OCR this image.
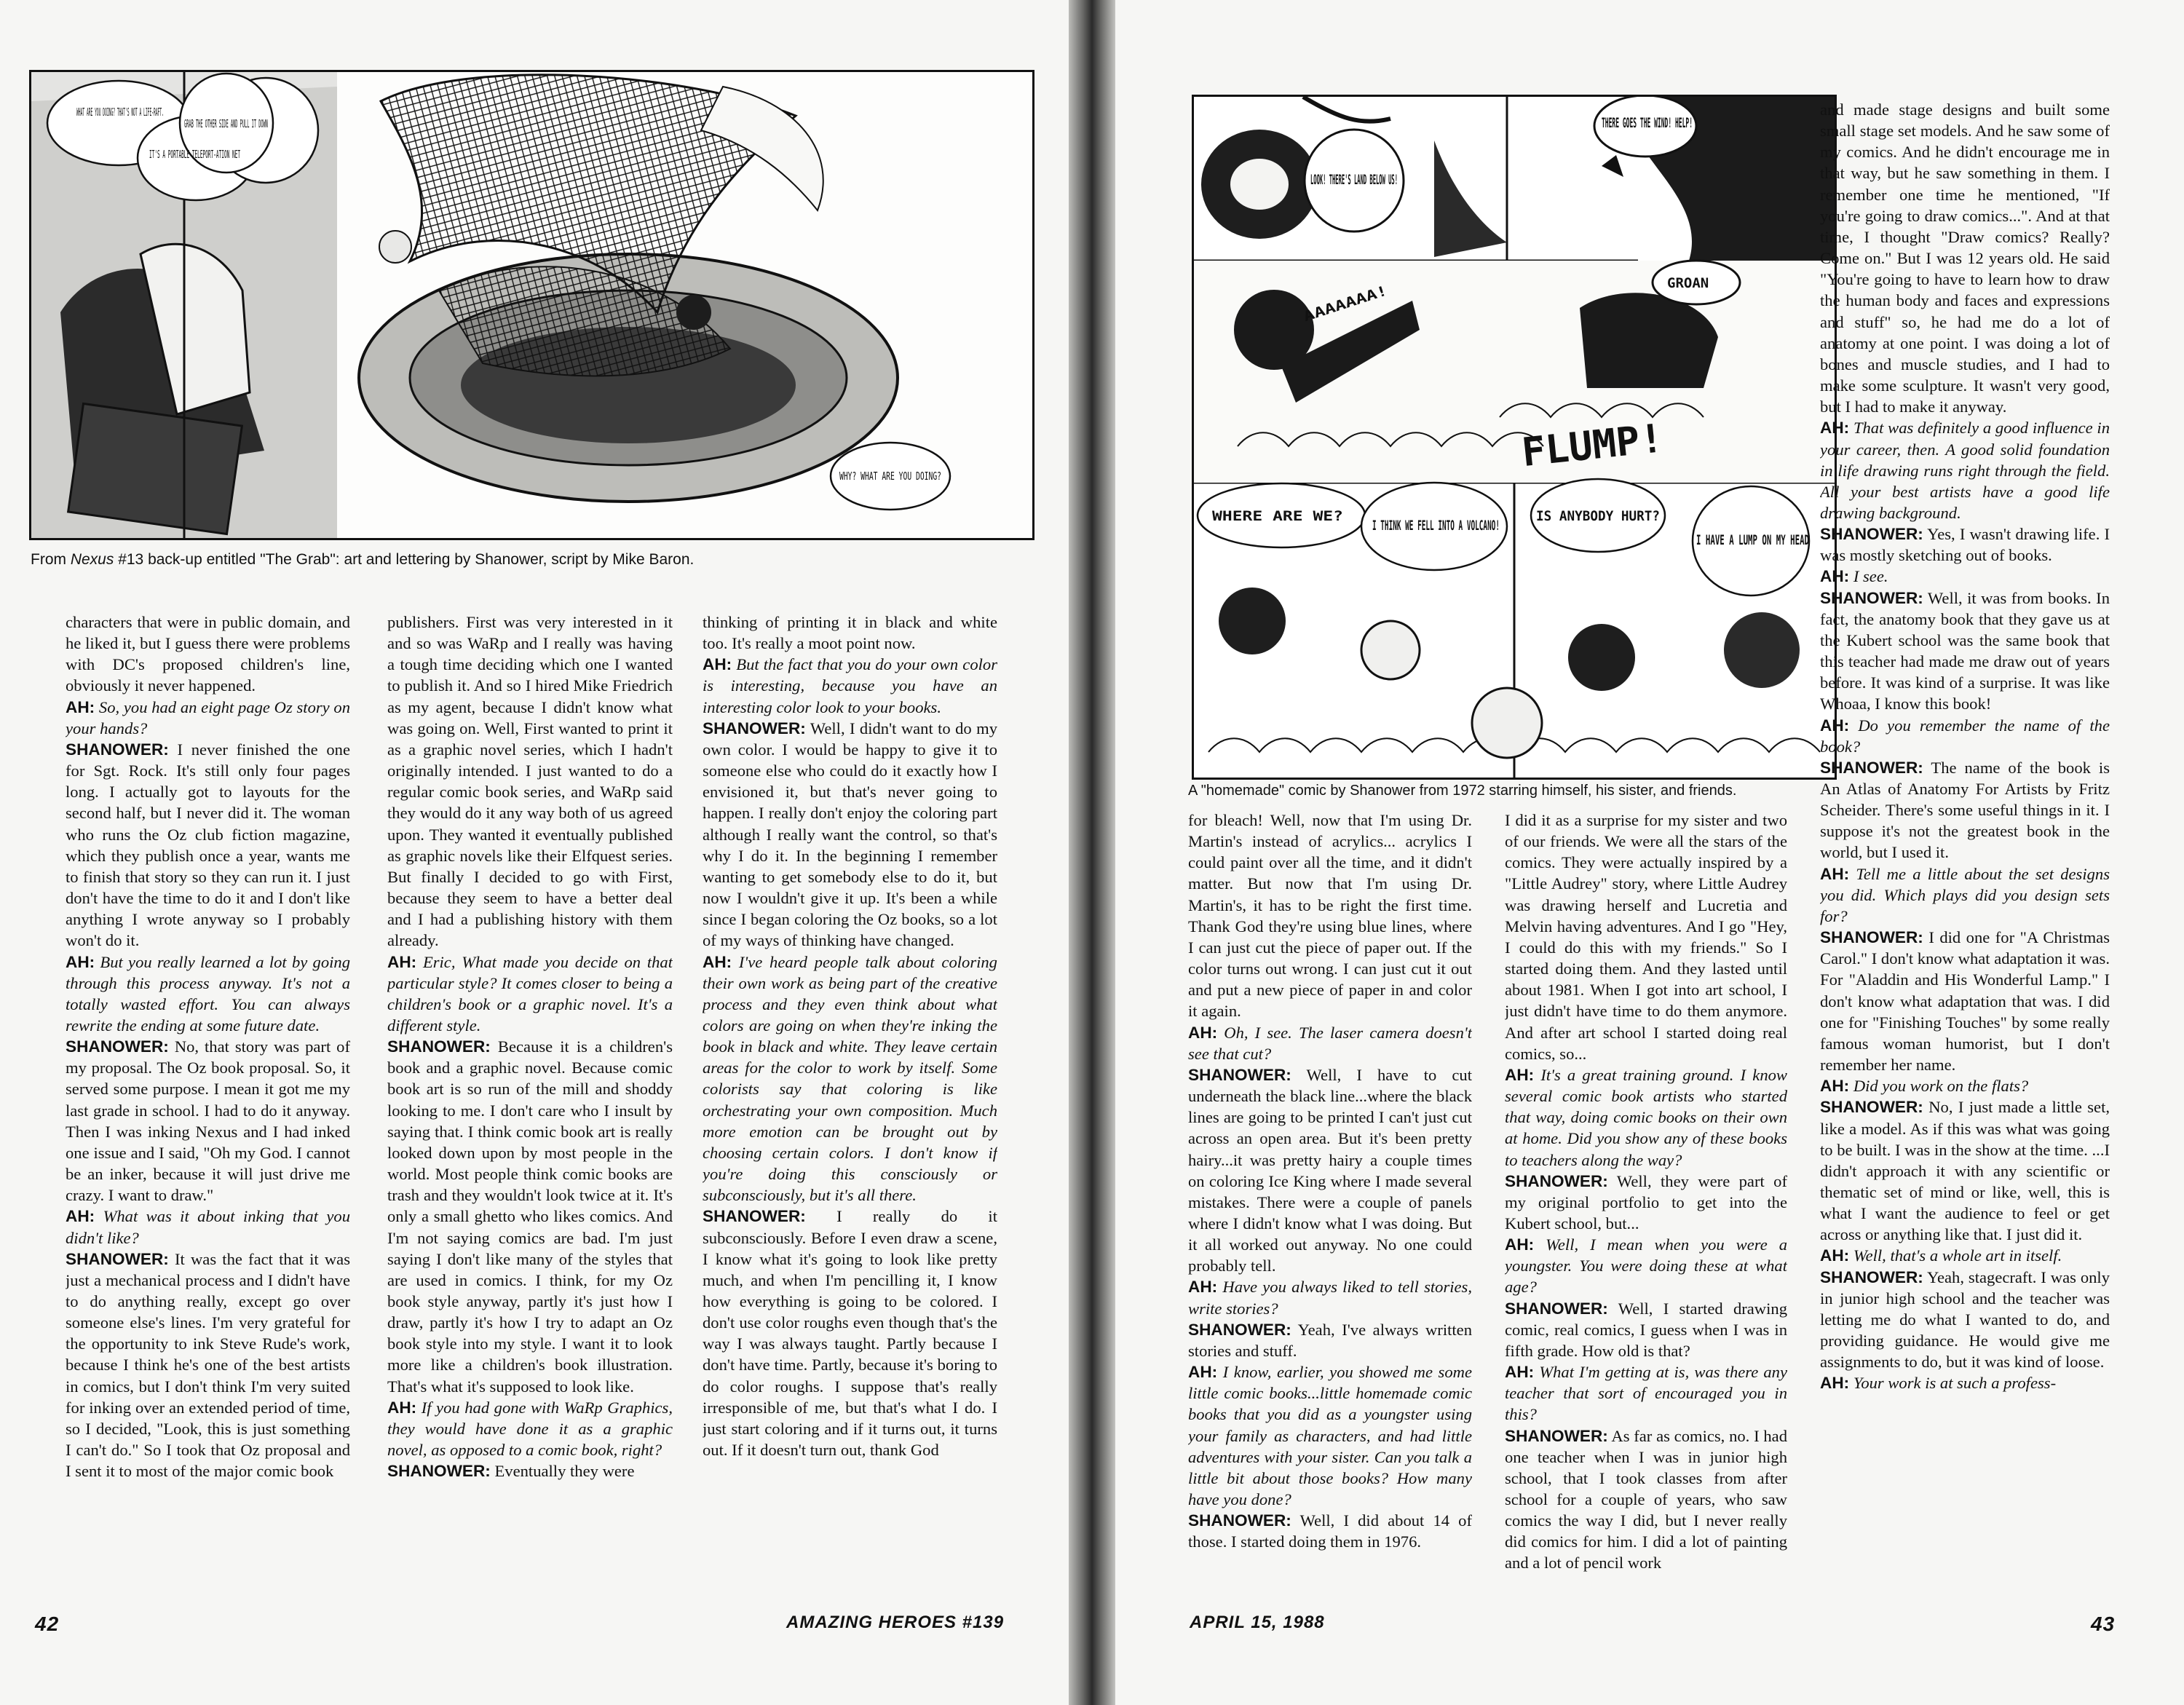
WHAT ARE YOU DOING? THAT'S NOT A LIFE-RAFT.
IT'S A PORTABLE TELEPORT-ATION NET
GRAB THE OTHER SIDE AND PULL IT DOWN
WHY? WHAT ARE YOU DOING?
From Nexus #13 back-up entitled "The Grab": art and lettering by Shanower, script by Mike Baron.

characters that were in public domain, and he liked it, but I guess there were problems with DC's proposed children's line, obviously it never happened.

AH: So, you had an eight page Oz story on your hands?

SHANOWER: I never finished the one for Sgt. Rock. It's still only four pages long. I actually got to layouts for the second half, but I never did it. The woman who runs the Oz club fiction magazine, which they publish once a year, wants me to finish that story so they can run it. I just don't have the time to do it and I don't like anything I wrote anyway so I probably won't do it.

AH: But you really learned a lot by going through this process anyway. It's not a totally wasted effort. You can always rewrite the ending at some future date.

SHANOWER: No, that story was part of my proposal. The Oz book proposal. So, it served some purpose. I mean it got me my last grade in school. I had to do it anyway. Then I was inking Nexus and I had inked one issue and I said, "Oh my God. I cannot be an inker, because it will just drive me crazy. I want to draw."

AH: What was it about inking that you didn't like?

SHANOWER: It was the fact that it was just a mechanical process and I didn't have to do anything really, except go over someone else's lines. I'm very grateful for the opportunity to ink Steve Rude's work, because I think he's one of the best artists in comics, but I don't think I'm very suited for inking over an extended period of time, so I decided, "Look, this is just something I can't do." So I took that Oz proposal and I sent it to most of the major comic book

publishers. First was very interested in it and so was WaRp and I really was having a tough time deciding which one I wanted to publish it. And so I hired Mike Friedrich as my agent, because I didn't know what was going on. Well, First wanted to print it as a graphic novel series, which I hadn't originally intended. I just wanted to do a regular comic book series, and WaRp said they would do it any way both of us agreed upon. They wanted it eventually published as graphic novels like their Elfquest series. But finally I decided to go with First, because they seem to have a better deal and I had a publishing history with them already.

AH: Eric, What made you decide on that particular style? It comes closer to being a children's book or a graphic novel. It's a different style.

SHANOWER: Because it is a children's book and a graphic novel. Because comic book art is so run of the mill and shoddy looking to me. I don't care who I insult by saying that. I think comic book art is really looked down upon by most people in the world. Most people think comic books are trash and they wouldn't look twice at it. It's only a small ghetto who likes comics. And I'm not saying comics are bad. I'm just saying I don't like many of the styles that are used in comics. I think, for my Oz book style anyway, partly it's just how I draw, partly it's how I try to adapt an Oz book style into my style. I want it to look more like a children's book illustration. That's what it's supposed to look like.

AH: If you had gone with WaRp Graphics, they would have done it as a graphic novel, as opposed to a comic book, right?

SHANOWER: Eventually they were

thinking of printing it in black and white too. It's really a moot point now.

AH: But the fact that you do your own color is interesting, because you have an interesting color look to your books.

SHANOWER: Well, I didn't want to do my own color. I would be happy to give it to someone else who could do it exactly how I envisioned it, but that's never going to happen. I really don't enjoy the coloring part although I really want the control, so that's why I do it. In the beginning I remember wanting to get somebody else to do it, but now I wouldn't give it up. It's been a while since I began coloring the Oz books, so a lot of my ways of thinking have changed.

AH: I've heard people talk about coloring their own work as being part of the creative process and they even think about what colors are going on when they're inking the book in black and white. They leave certain areas for the color to work by itself. Some colorists say that coloring is like orchestrating your own composition. Much more emotion can be brought out by choosing certain colors. I don't know if you're doing this consciously or subconsciously, but it's all there.

SHANOWER: I really do it subconsciously. Before I even draw a scene, I know what it's going to look like pretty much, and when I'm pencilling it, I know how everything is going to be colored. I don't use color roughs even though that's the way I was always taught. Partly because I don't have time. Partly, because it's boring to do color roughs. I suppose that's really irresponsible of me, but that's what I do. I just start coloring and if it turns out, it turns out. If it doesn't turn out, thank God

42	AMAZING HEROES #139
THERE GOES THE WIND! HELP!
LOOK! THERE'S LAND BELOW US!
AAAAAAA!
GROAN
FLUMP!
WHERE ARE WE?
I THINK WE FELL INTO A VOLCANO!
IS ANYBODY HURT?
I HAVE A LUMP ON MY HEAD
A "homemade" comic by Shanower from 1972 starring himself, his sister, and friends.

for bleach! Well, now that I'm using Dr. Martin's instead of acrylics... acrylics I could paint over all the time, and it didn't matter. But now that I'm using Dr. Martin's, it has to be right the first time. Thank God they're using blue lines, where I can just cut the piece of paper out. If the color turns out wrong. I can just cut it out and put a new piece of paper in and color it again.

AH: Oh, I see. The laser camera doesn't see that cut?

SHANOWER: Well, I have to cut underneath the black line...where the black lines are going to be printed I can't just cut across an open area. But it's been pretty hairy...it was pretty hairy a couple times on coloring Ice King where I made several mistakes. There were a couple of panels where I didn't know what I was doing. But it all worked out anyway. No one could probably tell.

AH: Have you always liked to tell stories, write stories?

SHANOWER: Yeah, I've always written stories and stuff.

AH: I know, earlier, you showed me some little comic books...little homemade comic books that you did as a youngster using your family as characters, and had little adventures with your sister. Can you talk a little bit about those books? How many have you done?

SHANOWER: Well, I did about 14 of those. I started doing them in 1976.

I did it as a surprise for my sister and two of our friends. We were all the stars of the comics. They were actually inspired by a "Little Audrey" story, where Little Audrey was drawing herself and Lucretia and Melvin having adventures. And I go "Hey, I could do this with my friends." So I started doing them. And they lasted until about 1981. When I got into art school, I just didn't have time to do them anymore. And after art school I started doing real comics, so...

AH: It's a great training ground. I know several comic book artists who started that way, doing comic books on their own at home. Did you show any of these books to teachers along the way?

SHANOWER: Well, they were part of my original portfolio to get into the Kubert school, but...

AH: Well, I mean when you were a youngster. You were doing these at what age?

SHANOWER: Well, I started drawing comic, real comics, I guess when I was in fifth grade. How old is that?

AH: What I'm getting at is, was there any teacher that sort of encouraged you in this?

SHANOWER: As far as comics, no. I had one teacher when I was in junior high school, that I took classes from after school for a couple of years, who saw comics the way I did, but I never really did comics for him. I did a lot of painting and a lot of pencil work

and made stage designs and built some small stage set models. And he saw some of my comics. And he didn't encourage me in that way, but he saw something in them. I remember one time he mentioned, "If you're going to draw comics...". And at that time, I thought "Draw comics? Really? Come on." But I was 12 years old. He said "You're going to have to learn how to draw the human body and faces and expressions and stuff" so, he had me do a lot of anatomy at one point. I was doing a lot of bones and muscle studies, and I had to make some sculpture. It wasn't very good, but I had to make it anyway.

AH: That was definitely a good influence in your career, then. A good solid foundation in life drawing runs right through the field. All your best artists have a good life drawing background.

SHANOWER: Yes, I wasn't drawing life. I was mostly sketching out of books.

AH: I see.

SHANOWER: Well, it was from books. In fact, the anatomy book that they gave us at the Kubert school was the same book that this teacher had made me draw out of years before. It was kind of a surprise. It was like Whoaa, I know this book!

AH: Do you remember the name of the book?

SHANOWER: The name of the book is An Atlas of Anatomy For Artists by Fritz Scheider. There's some useful things in it. I suppose it's not the greatest book in the world, but I used it.

AH: Tell me a little about the set designs you did. Which plays did you design sets for?

SHANOWER: I did one for "A Christmas Carol." I don't know what adaptation it was. For "Aladdin and His Wonderful Lamp." I don't know what adaptation that was. I did one for "Finishing Touches" by some really famous woman humorist, but I don't remember her name.

AH: Did you work on the flats?

SHANOWER: No, I just made a little set, like a model. As if this was what was going to be built. I was in the show at the time. ...I didn't approach it with any scientific or thematic set of mind or like, well, this is what I want the audience to feel or get across or anything like that. I just did it.

AH: Well, that's a whole art in itself.

SHANOWER: Yeah, stagecraft. I was only in junior high school and the teacher was letting me do what I wanted to do, and providing guidance. He would give me assignments to do, but it was kind of loose.

AH: Your work is at such a profess-

APRIL 15, 1988	43
